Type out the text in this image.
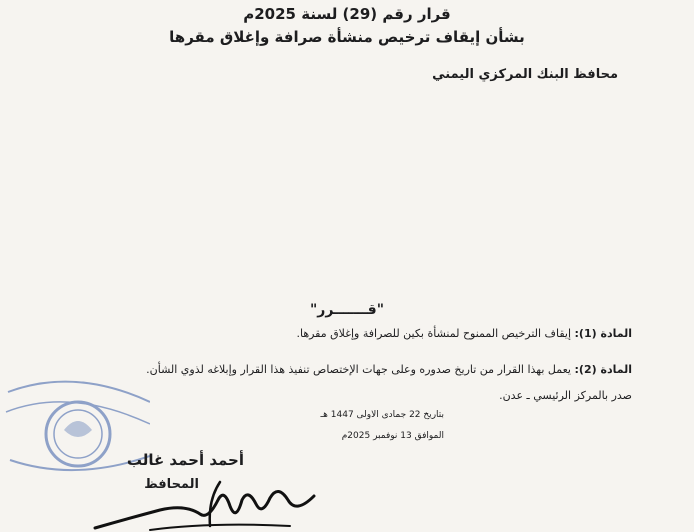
قرار رقم (29) لسنة 2025م
بشأن إيقاف ترخيص منشأة صرافة وإغلاق مقرها
محافظ البنك المركزي اليمني
"قـــــــرر"
المادة (1): إيقاف الترخيص الممنوح لمنشأة بكين للصرافة وإغلاق مقرها.
المادة (2): يعمل بهذا القرار من تاريخ صدوره وعلى جهات الإختصاص تنفيذ هذا القرار وإبلاغه لذوي الشأن.
صدر بالمركز الرئيسي ـ عدن.
بتاريخ 22 جمادى الاولى 1447 هـ
الموافق 13 نوفمبر 2025م
أحمد أحمد غالب
المحافظ
